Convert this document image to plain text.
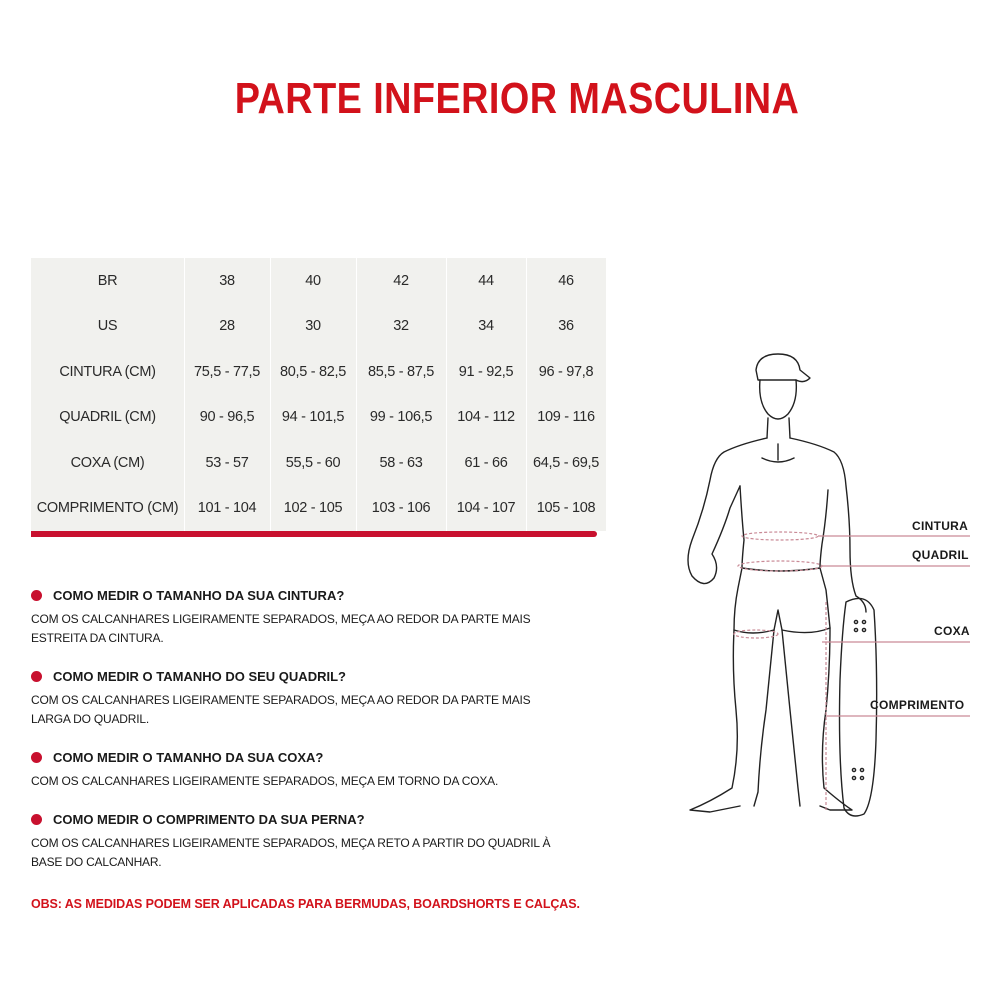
PARTE INFERIOR MASCULINA
BR	38	40	42	44	46
US	28	30	32	34	36
CINTURA (CM)	75,5 - 77,5	80,5 - 82,5	85,5 - 87,5	91 - 92,5	96 - 97,8
QUADRIL (CM)	90 - 96,5	94 - 101,5	99 - 106,5	104 - 112	109 - 116
COXA (CM)	53 - 57	55,5 - 60	58 - 63	61 - 66	64,5 - 69,5
COMPRIMENTO (CM)	101 - 104	102 - 105	103 - 106	104 - 107	105 - 108
COMO MEDIR O TAMANHO DA SUA CINTURA?
COM OS CALCANHARES LIGEIRAMENTE SEPARADOS, MEÇA AO REDOR DA PARTE MAIS ESTREITA DA CINTURA.
COMO MEDIR O TAMANHO DO SEU QUADRIL?
COM OS CALCANHARES LIGEIRAMENTE SEPARADOS, MEÇA AO REDOR DA PARTE MAIS LARGA DO QUADRIL.
COMO MEDIR O TAMANHO DA SUA COXA?
COM OS CALCANHARES LIGEIRAMENTE SEPARADOS, MEÇA EM TORNO DA COXA.
COMO MEDIR O COMPRIMENTO DA SUA PERNA?
COM OS CALCANHARES LIGEIRAMENTE SEPARADOS, MEÇA RETO A PARTIR DO QUADRIL À BASE DO CALCANHAR.
OBS: AS MEDIDAS PODEM SER APLICADAS PARA BERMUDAS, BOARDSHORTS E CALÇAS.
CINTURA
QUADRIL
COXA
COMPRIMENTO
